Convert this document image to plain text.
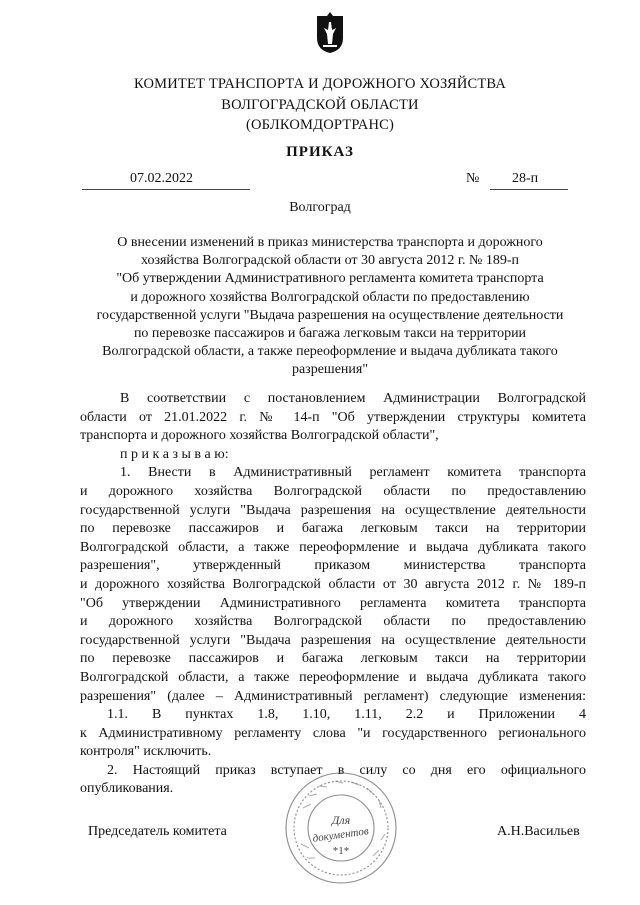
КОМИТЕТ ТРАНСПОРТА И ДОРОЖНОГО ХОЗЯЙСТВА
ВОЛГОГРАДСКОЙ ОБЛАСТИ
(ОБЛКОМДОРТРАНС)
ПРИКАЗ
07.02.2022	№ 28-п
Волгоград
О внесении изменений в приказ министерства транспорта и дорожного
хозяйства Волгоградской области от 30 августа 2012 г. № 189-п
"Об утверждении Административного регламента комитета транспорта
и дорожного хозяйства Волгоградской области по предоставлению
государственной услуги "Выдача разрешения на осуществление деятельности
по перевозке пассажиров и багажа легковым такси на территории
Волгоградской области, а также переоформление и выдача дубликата такого
разрешения"
В соответствии с постановлением Администрации Волгоградской
области от 21.01.2022 г. № 14-п "Об утверждении структуры комитета
транспорта и дорожного хозяйства Волгоградской области",
п р и к а з ы в а ю:
1. Внести в Административный регламент комитета транспорта
и дорожного хозяйства Волгоградской области по предоставлению
государственной услуги "Выдача разрешения на осуществление деятельности
по перевозке пассажиров и багажа легковым такси на территории
Волгоградской области, а также переоформление и выдача дубликата такого
разрешения", утвержденный приказом министерства транспорта
и дорожного хозяйства Волгоградской области от 30 августа 2012 г. № 189-п
"Об утверждении Административного регламента комитета транспорта
и дорожного хозяйства Волгоградской области по предоставлению
государственной услуги "Выдача разрешения на осуществление деятельности
по перевозке пассажиров и багажа легковым такси на территории
Волгоградской области, а также переоформление и выдача дубликата такого
разрешения" (далее – Административный регламент) следующие изменения:
1.1. В пунктах 1.8, 1.10, 1.11, 2.2 и Приложении 4
к Административному регламенту слова "и государственного регионального
контроля" исключить.
2. Настоящий приказ вступает в силу со дня его официального
опубликования.
Для
документов
*1*
Председатель комитета	А.Н.Васильев
